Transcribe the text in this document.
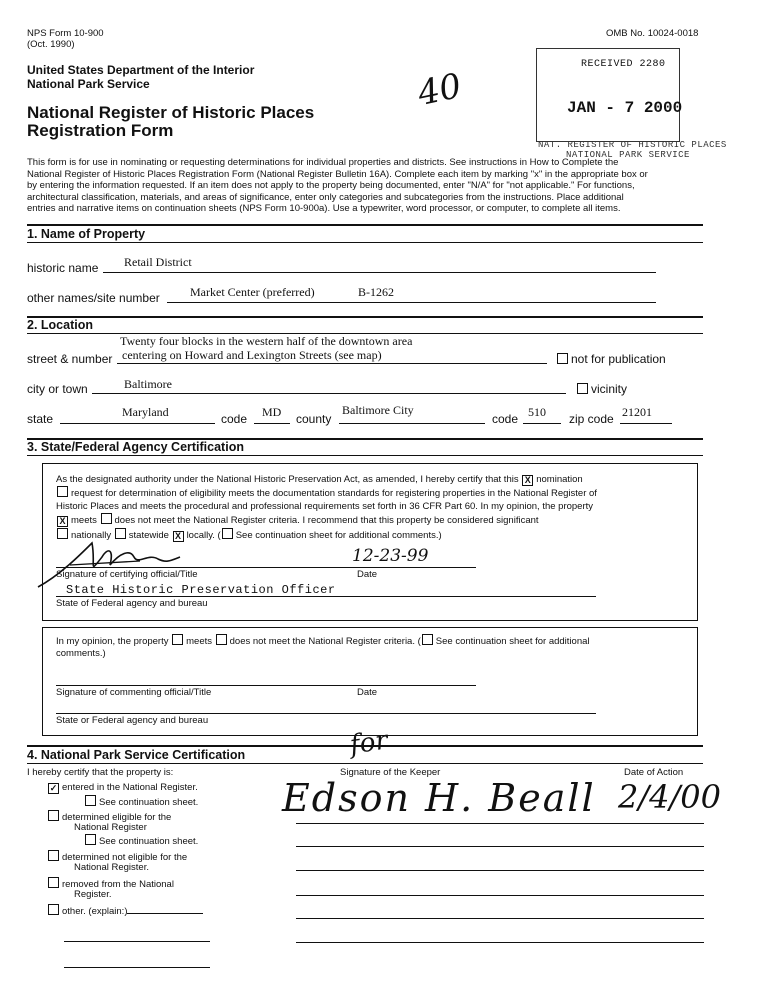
NPS Form 10-900
(Oct. 1990)
OMB No. 10024-0018
United States Department of the Interior
National Park Service
National Register of Historic Places
Registration Form
40
RECEIVED 2280
JAN - 7 2000
NAT. REGISTER OF HISTORIC PLACES
NATIONAL PARK SERVICE
This form is for use in nominating or requesting determinations for individual properties and districts. See instructions in How to Complete the
National Register of Historic Places Registration Form (National Register Bulletin 16A). Complete each item by marking "x" in the appropriate box or
by entering the information requested. If an item does not apply to the property being documented, enter "N/A" for "not applicable." For functions,
architectural classification, materials, and areas of significance, enter only categories and subcategories from the instructions. Place additional
entries and narrative items on continuation sheets (NPS Form 10-900a). Use a typewriter, word processor, or computer, to complete all items.
1. Name of Property
historic name Retail District
other names/site number	Market Center (preferred)	B-1262
2. Location
Twenty four blocks in the western half of the downtown area
street & number centering on Howard and Lexington Streets (see map)	not for publication
city or town	Baltimore	vicinity
state	Maryland	code MD county
Baltimore City
code 510 zip code 21201
3. State/Federal Agency Certification
As the designated authority under the National Historic Preservation Act, as amended, I hereby certify that this X nomination
request for determination of eligibility meets the documentation standards for registering properties in the National Register of
Historic Places and meets the procedural and professional requirements set forth in 36 CFR Part 60. In my opinion, the property
X meets does not meet the National Register criteria. I recommend that this property be considered significant
nationally statewide X locally. ( See continuation sheet for additional comments.)
12-23-99
Signature of certifying official/Title	Date
State Historic Preservation Officer
State of Federal agency and bureau
In my opinion, the property meets does not meet the National Register criteria. ( See continuation sheet for additional
comments.)
Signature of commenting official/Title	Date
State or Federal agency and bureau
4. National Park Service Certification
I hereby certify that the property is:	Signature of the Keeper	Date of Action
for
Edson H. Beall 2/4/00
✓ entered in the National Register.
See continuation sheet.
determined eligible for the
National Register
See continuation sheet.
determined not eligible for the
National Register.
removed from the National
Register.
other. (explain:)
